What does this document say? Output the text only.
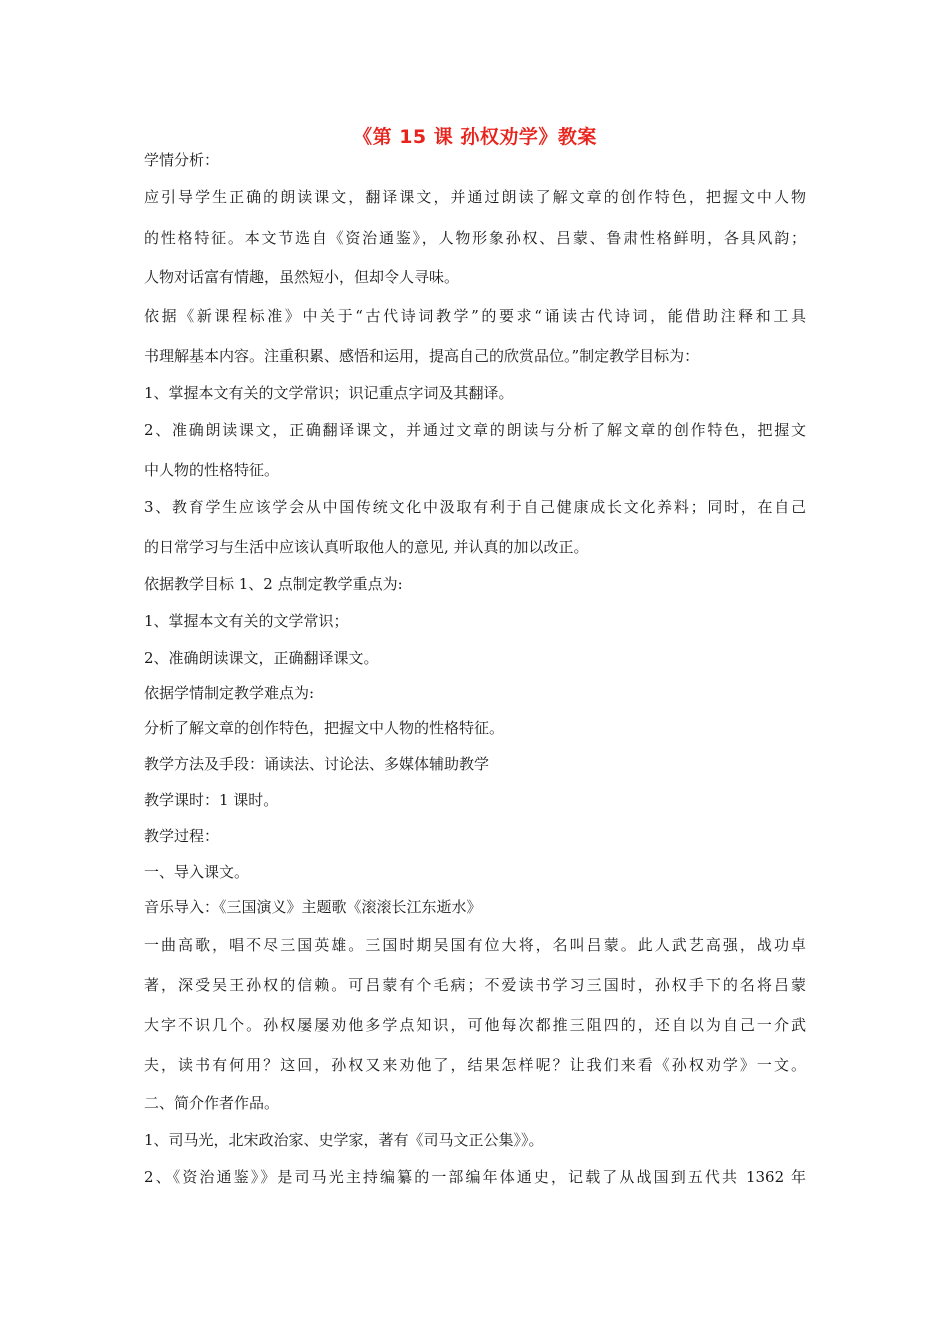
《第 15 课 孙权劝学》教案
学情分析：
应引导学生正确的朗读课文，翻译课文，并通过朗读了解文章的创作特色，把握文中人物
的性格特征。本文节选自《资治通鉴》，人物形象孙权、吕蒙、鲁肃性格鲜明，各具风韵；
人物对话富有情趣，虽然短小，但却令人寻味。
依据《新课程标准》中关于“古代诗词教学”的要求“诵读古代诗词，能借助注释和工具
书理解基本内容。注重积累、感悟和运用，提高自己的欣赏品位。”制定教学目标为：
1、掌握本文有关的文学常识；识记重点字词及其翻译。
2、准确朗读课文，正确翻译课文，并通过文章的朗读与分析了解文章的创作特色，把握文
中人物的性格特征。
3、教育学生应该学会从中国传统文化中汲取有利于自己健康成长文化养料；同时，在自己
的日常学习与生活中应该认真听取他人的意见, 并认真的加以改正。
依据教学目标 1、2 点制定教学重点为:
1、掌握本文有关的文学常识；
2、准确朗读课文，正确翻译课文。
依据学情制定教学难点为:
分析了解文章的创作特色，把握文中人物的性格特征。
教学方法及手段：诵读法、讨论法、多媒体辅助教学
教学课时：1 课时。
教学过程：
一、导入课文。
音乐导入：《三国演义》主题歌《滚滚长江东逝水》
一曲高歌，唱不尽三国英雄。三国时期吴国有位大将，名叫吕蒙。此人武艺高强，战功卓
著，深受吴王孙权的信赖。可吕蒙有个毛病；不爱读书学习三国时，孙权手下的名将吕蒙
大字不识几个。孙权屡屡劝他多学点知识，可他每次都推三阻四的，还自以为自己一介武
夫，读书有何用？这回，孙权又来劝他了，结果怎样呢？让我们来看《孙权劝学》一文。
二、简介作者作品。
1、司马光，北宋政治家、史学家，著有《司马文正公集》》。
2、《资治通鉴》》是司马光主持编纂的一部编年体通史，记载了从战国到五代共 1362 年
